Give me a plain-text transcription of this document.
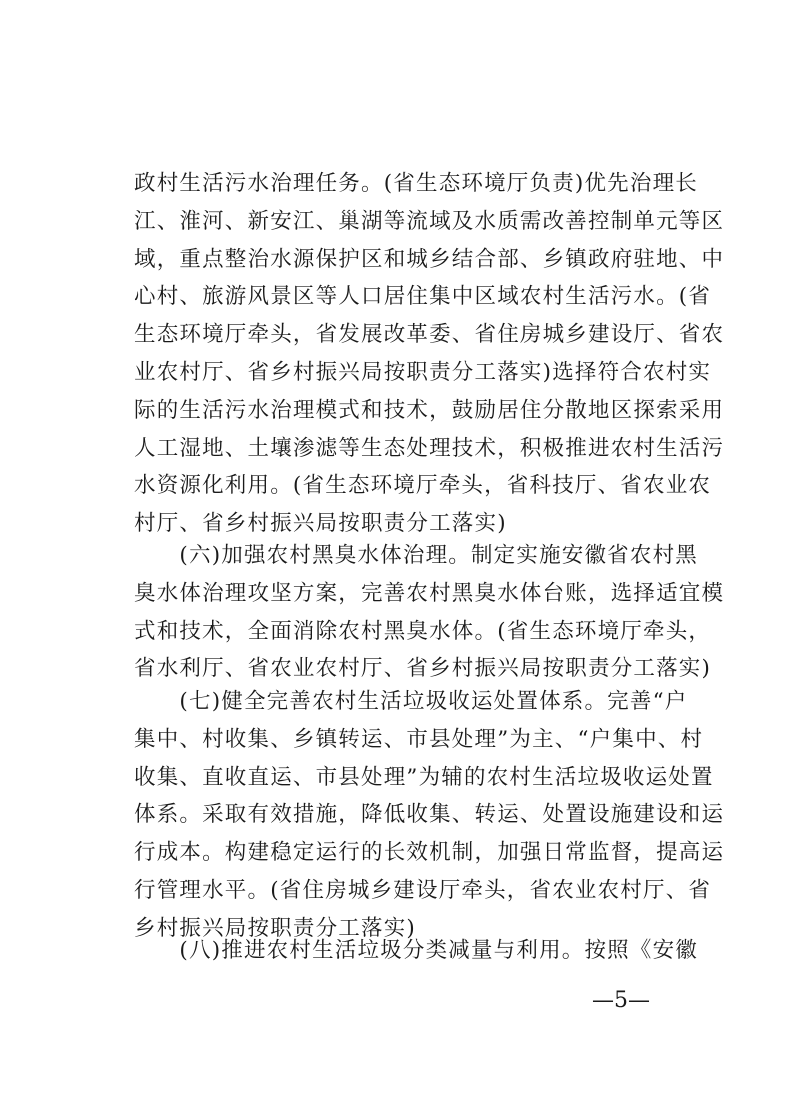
政村生活污水治理任务。(省生态环境厅负责)优先治理长
江、淮河、新安江、巢湖等流域及水质需改善控制单元等区
域，重点整治水源保护区和城乡结合部、乡镇政府驻地、中
心村、旅游风景区等人口居住集中区域农村生活污水。(省
生态环境厅牵头，省发展改革委、省住房城乡建设厅、省农
业农村厅、省乡村振兴局按职责分工落实)选择符合农村实
际的生活污水治理模式和技术，鼓励居住分散地区探索采用
人工湿地、土壤渗滤等生态处理技术，积极推进农村生活污
水资源化利用。(省生态环境厅牵头，省科技厅、省农业农
村厅、省乡村振兴局按职责分工落实)
　　(六)加强农村黑臭水体治理。制定实施安徽省农村黑
臭水体治理攻坚方案，完善农村黑臭水体台账，选择适宜模
式和技术，全面消除农村黑臭水体。(省生态环境厅牵头，
省水利厅、省农业农村厅、省乡村振兴局按职责分工落实)
　　(七)健全完善农村生活垃圾收运处置体系。完善“户
集中、村收集、乡镇转运、市县处理”为主、“户集中、村
收集、直收直运、市县处理”为辅的农村生活垃圾收运处置
体系。采取有效措施，降低收集、转运、处置设施建设和运
行成本。构建稳定运行的长效机制，加强日常监督，提高运
行管理水平。(省住房城乡建设厅牵头，省农业农村厅、省
乡村振兴局按职责分工落实)
　　(八)推进农村生活垃圾分类减量与利用。按照《安徽
—5—
